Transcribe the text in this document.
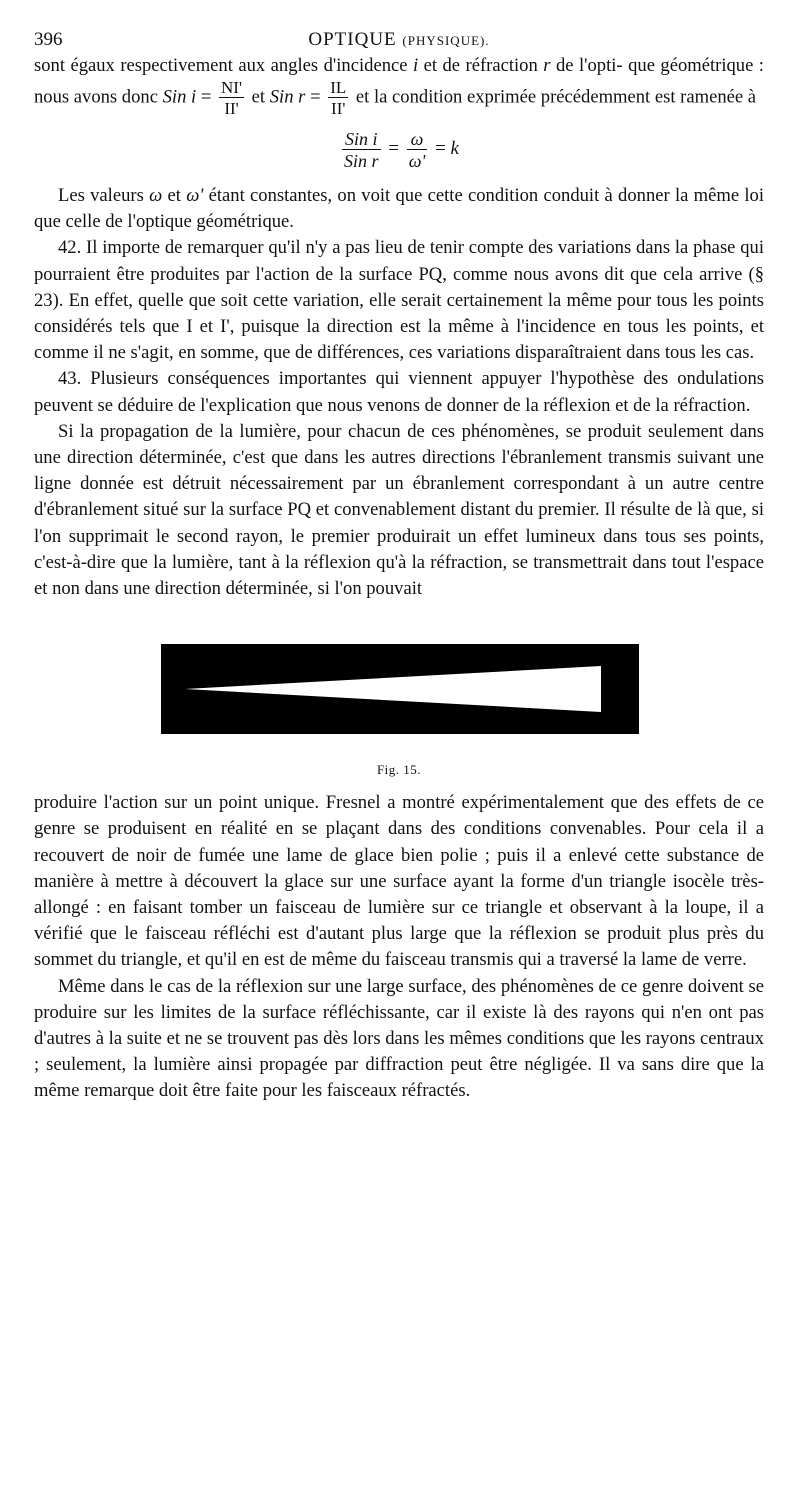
396	OPTIQUE (PHYSIQUE).

sont égaux respectivement aux angles d'incidence i et de réfraction r de l'opti- que géométrique : nous avons donc Sin $i = \frac{NI'}{II'}$ et Sin $r = \frac{IL}{II'}$ et la condition exprimée précédemment est ramenée à

$\frac{\text{Sin i}}{\text{Sin r}} = \frac{\omega}{\omega'} = k$

Les valeurs ω et ω' étant constantes, on voit que cette condition conduit à donner la même loi que celle de l'optique géométrique.

42. Il importe de remarquer qu'il n'y a pas lieu de tenir compte des variations dans la phase qui pourraient être produites par l'action de la surface PQ, comme nous avons dit que cela arrive (§ 23). En effet, quelle que soit cette variation, elle serait certainement la même pour tous les points considérés tels que I et I', puisque la direction est la même à l'incidence en tous les points, et comme il ne s'agit, en somme, que de différences, ces variations disparaîtraient dans tous les cas.

43. Plusieurs conséquences importantes qui viennent appuyer l'hypothèse des ondulations peuvent se déduire de l'explication que nous venons de donner de la réflexion et de la réfraction.

Si la propagation de la lumière, pour chacun de ces phénomènes, se produit seulement dans une direction déterminée, c'est que dans les autres directions l'ébranlement transmis suivant une ligne donnée est détruit nécessairement par un ébranlement correspondant à un autre centre d'ébranlement situé sur la surface PQ et convenablement distant du premier. Il résulte de là que, si l'on supprimait le second rayon, le premier produirait un effet lumineux dans tous ses points, c'est-à-dire que la lumière, tant à la réflexion qu'à la réfraction, se transmettrait dans tout l'espace et non dans une direction déterminée, si l'on pouvait

Fig. 15.

produire l'action sur un point unique. Fresnel a montré expérimentalement que des effets de ce genre se produisent en réalité en se plaçant dans des conditions convenables. Pour cela il a recouvert de noir de fumée une lame de glace bien polie ; puis il a enlevé cette substance de manière à mettre à découvert la glace sur une surface ayant la forme d'un triangle isocèle très-allongé : en faisant tomber un faisceau de lumière sur ce triangle et observant à la loupe, il a vérifié que le faisceau réfléchi est d'autant plus large que la réflexion se produit plus près du sommet du triangle, et qu'il en est de même du faisceau transmis qui a traversé la lame de verre.

Même dans le cas de la réflexion sur une large surface, des phénomènes de ce genre doivent se produire sur les limites de la surface réfléchissante, car il existe là des rayons qui n'en ont pas d'autres à la suite et ne se trouvent pas dès lors dans les mêmes conditions que les rayons centraux ; seulement, la lumière ainsi propagée par diffraction peut être négligée. Il va sans dire que la même remarque doit être faite pour les faisceaux réfractés.
